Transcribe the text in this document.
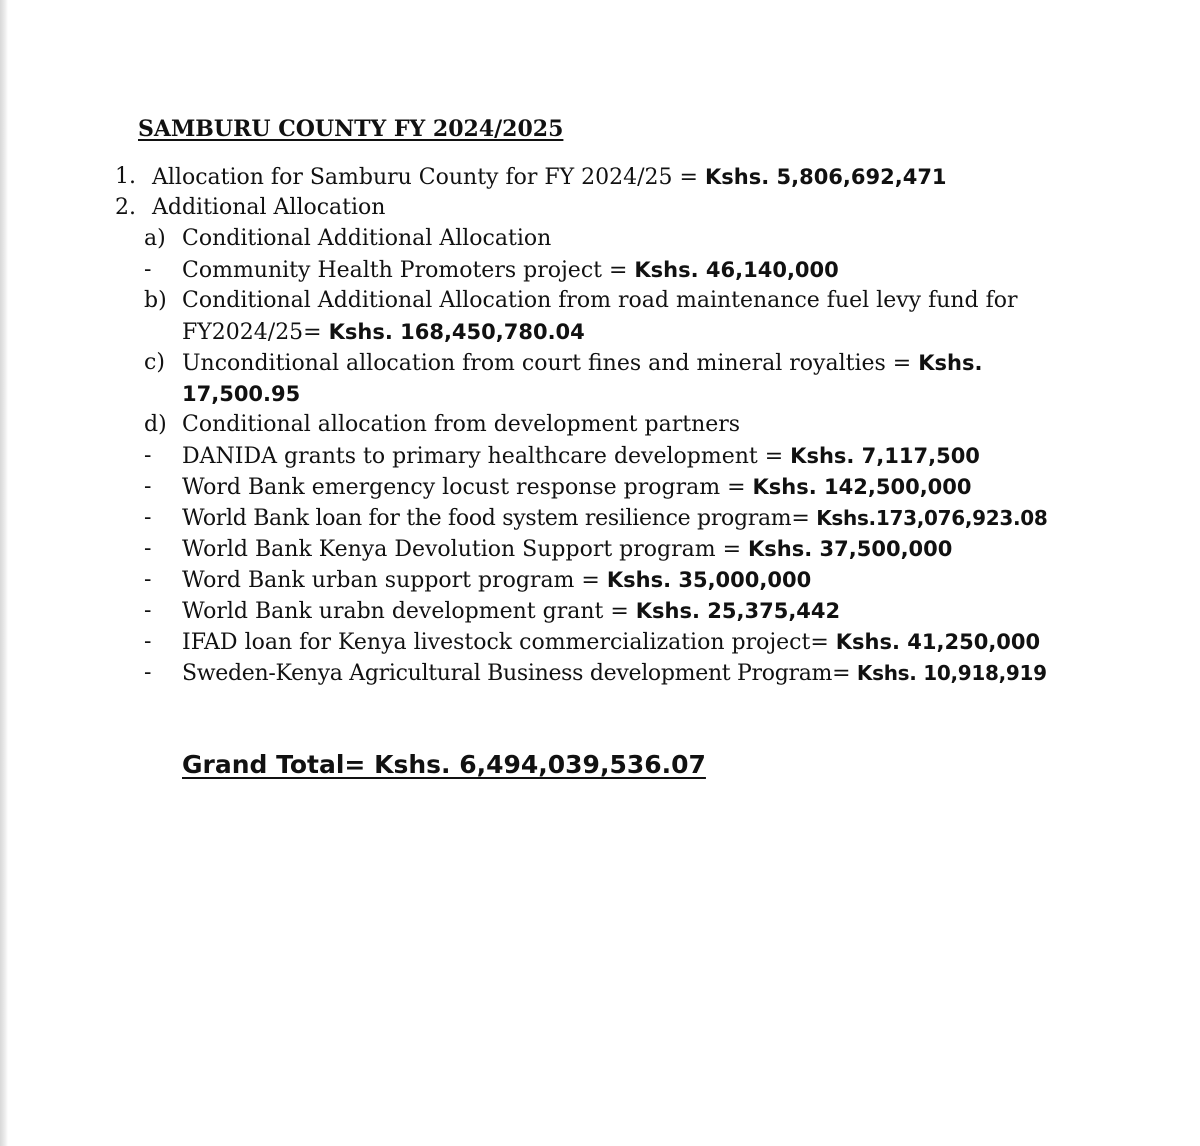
SAMBURU COUNTY FY 2024/2025
1. Allocation for Samburu County for FY 2024/25 = Kshs. 5,806,692,471
2. Additional Allocation
a) Conditional Additional Allocation
- Community Health Promoters project = Kshs. 46,140,000
b) Conditional Additional Allocation from road maintenance fuel levy fund for
FY2024/25= Kshs. 168,450,780.04
c) Unconditional allocation from court fines and mineral royalties = Kshs.
17,500.95
d) Conditional allocation from development partners
- DANIDA grants to primary healthcare development = Kshs. 7,117,500
- Word Bank emergency locust response program = Kshs. 142,500,000
- World Bank loan for the food system resilience program= Kshs.173,076,923.08
- World Bank Kenya Devolution Support program = Kshs. 37,500,000
- Word Bank urban support program = Kshs. 35,000,000
- World Bank urabn development grant = Kshs. 25,375,442
- IFAD loan for Kenya livestock commercialization project= Kshs. 41,250,000
- Sweden-Kenya Agricultural Business development Program= Kshs. 10,918,919
Grand Total= Kshs. 6,494,039,536.07
